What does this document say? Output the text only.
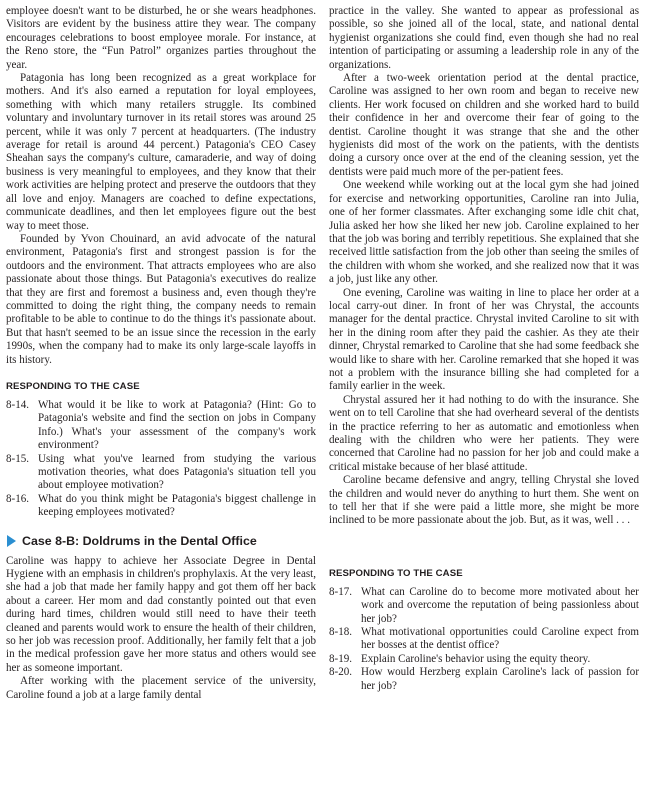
employee doesn't want to be disturbed, he or she wears headphones. Visitors are evident by the business attire they wear. The company encourages celebrations to boost employee morale. For instance, at the Reno store, the “Fun Patrol” organizes parties throughout the year.

Patagonia has long been recognized as a great workplace for mothers. And it's also earned a reputation for loyal employees, something with which many retailers struggle. Its combined voluntary and involuntary turnover in its retail stores was around 25 percent, while it was only 7 percent at headquarters. (The industry average for retail is around 44 percent.) Patagonia's CEO Casey Sheahan says the company's culture, camaraderie, and way of doing business is very meaningful to employees, and they know that their work activities are helping protect and preserve the outdoors that they all love and enjoy. Managers are coached to define expectations, communicate deadlines, and then let employees figure out the best way to meet those.

Founded by Yvon Chouinard, an avid advocate of the natural environment, Patagonia's first and strongest passion is for the outdoors and the environment. That attracts employees who are also passionate about those things. But Patagonia's executives do realize that they are first and foremost a business and, even though they're committed to doing the right thing, the company needs to remain profitable to be able to continue to do the things it's passionate about. But that hasn't seemed to be an issue since the recession in the early 1990s, when the company had to make its only large-scale layoffs in its history.

RESPONDING TO THE CASE
8-14. What would it be like to work at Patagonia? (Hint: Go to Patagonia's website and find the section on jobs in Company Info.) What's your assessment of the company's work environment?
8-15. Using what you've learned from studying the various motivation theories, what does Patagonia's situation tell you about employee motivation?
8-16. What do you think might be Patagonia's biggest challenge in keeping employees motivated?
Case 8-B: Doldrums in the Dental Office

Caroline was happy to achieve her Associate Degree in Dental Hygiene with an emphasis in children's prophylaxis. At the very least, she had a job that made her family happy and got them off her back about a career. Her mom and dad constantly pointed out that even during hard times, children would still need to have their teeth cleaned and parents would work to ensure the health of their children, so her job was recession proof. Additionally, her family felt that a job in the medical profession gave her more status and others would see her as someone important.

After working with the placement service of the university, Caroline found a job at a large family dental

practice in the valley. She wanted to appear as professional as possible, so she joined all of the local, state, and national dental hygienist organizations she could find, even though she had no real intention of participating or assuming a leadership role in any of the organizations.

After a two-week orientation period at the dental practice, Caroline was assigned to her own room and began to receive new clients. Her work focused on children and she worked hard to build their confidence in her and overcome their fear of going to the dentist. Caroline thought it was strange that she and the other hygienists did most of the work on the patients, with the dentists doing a cursory once over at the end of the cleaning session, yet the dentists were paid much more of the per-patient fees.

One weekend while working out at the local gym she had joined for exercise and networking opportunities, Caroline ran into Julia, one of her former classmates. After exchanging some idle chit chat, Julia asked her how she liked her new job. Caroline explained to her that the job was boring and terribly repetitious. She explained that she received little satisfaction from the job other than seeing the smiles of the children with whom she worked, and she realized now that it was a job, just like any other.

One evening, Caroline was waiting in line to place her order at a local carry-out diner. In front of her was Chrystal, the accounts manager for the dental practice. Chrystal invited Caroline to sit with her in the dining room after they paid the cashier. As they ate their dinner, Chrystal remarked to Caroline that she had some feedback she would like to share with her. Caroline remarked that she hoped it was not a problem with the insurance billing she had completed for a family earlier in the week.

Chrystal assured her it had nothing to do with the insurance. She went on to tell Caroline that she had overheard several of the dentists in the practice referring to her as automatic and emotionless when dealing with the children who were her patients. They were concerned that Caroline had no passion for her job and could make a critical mistake because of her blasé attitude.

Caroline became defensive and angry, telling Chrystal she loved the children and would never do anything to hurt them. She went on to tell her that if she were paid a little more, she might be more inclined to be more passionate about the job. But, as it was, well . . .

RESPONDING TO THE CASE
8-17. What can Caroline do to become more motivated about her work and overcome the reputation of being passionless about her job?
8-18. What motivational opportunities could Caroline expect from her bosses at the dentist office?
8-19. Explain Caroline's behavior using the equity theory.
8-20. How would Herzberg explain Caroline's lack of passion for her job?
